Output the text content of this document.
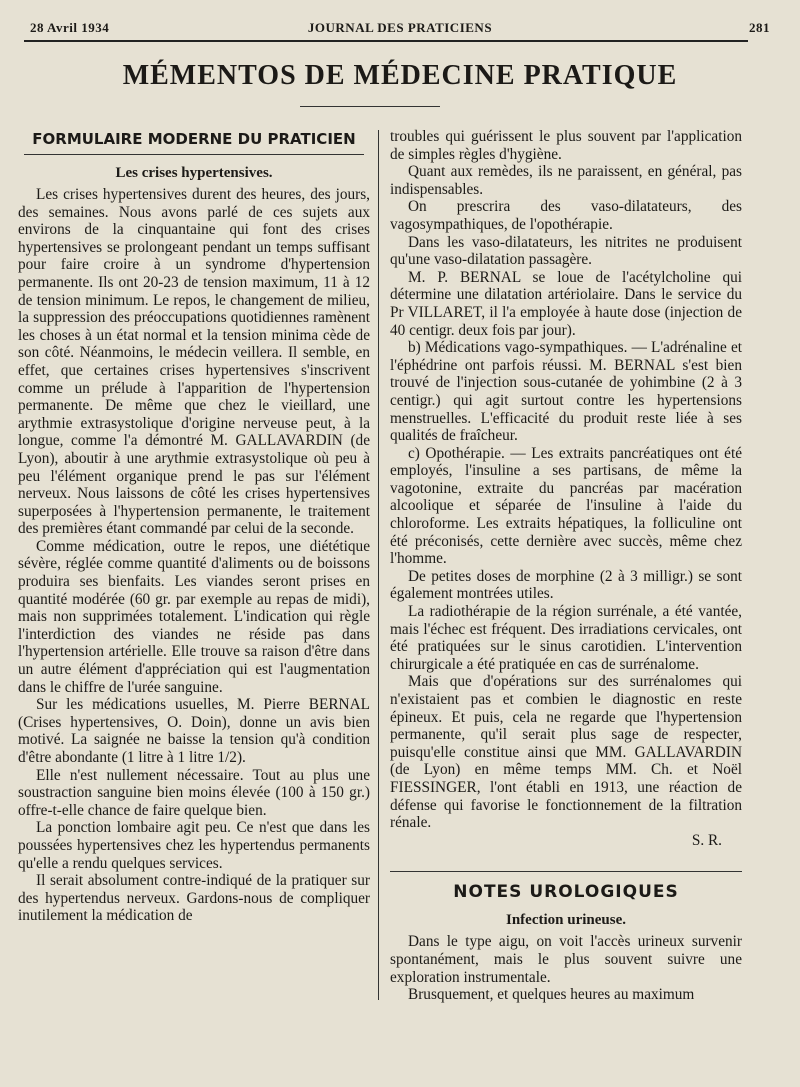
28 Avril 1934	JOURNAL DES PRATICIENS	281
MÉMENTOS DE MÉDECINE PRATIQUE
FORMULAIRE MODERNE DU PRATICIEN
Les crises hypertensives.

Les crises hypertensives durent des heures, des jours, des semaines. Nous avons parlé de ces sujets aux environs de la cinquantaine qui font des crises hypertensives se prolongeant pendant un temps suffisant pour faire croire à un syndrome d'hypertension permanente. Ils ont 20-23 de tension maximum, 11 à 12 de tension minimum. Le repos, le changement de milieu, la suppression des préoccupations quotidiennes ramènent les choses à un état normal et la tension minima cède de son côté. Néanmoins, le médecin veillera. Il semble, en effet, que certaines crises hypertensives s'inscrivent comme un prélude à l'apparition de l'hypertension permanente. De même que chez le vieillard, une arythmie extrasystolique d'origine nerveuse peut, à la longue, comme l'a démontré M. GALLAVARDIN (de Lyon), aboutir à une arythmie extrasystolique où peu à peu l'élément organique prend le pas sur l'élément nerveux. Nous laissons de côté les crises hypertensives superposées à l'hypertension permanente, le traitement des premières étant commandé par celui de la seconde.

Comme médication, outre le repos, une diététique sévère, réglée comme quantité d'aliments ou de boissons produira ses bienfaits. Les viandes seront prises en quantité modérée (60 gr. par exemple au repas de midi), mais non supprimées totalement. L'indication qui règle l'interdiction des viandes ne réside pas dans l'hypertension artérielle. Elle trouve sa raison d'être dans un autre élément d'appréciation qui est l'augmentation dans le chiffre de l'urée sanguine.

Sur les médications usuelles, M. Pierre BERNAL (Crises hypertensives, O. Doin), donne un avis bien motivé. La saignée ne baisse la tension qu'à condition d'être abondante (1 litre à 1 litre 1/2).

Elle n'est nullement nécessaire. Tout au plus une soustraction sanguine bien moins élevée (100 à 150 gr.) offre-t-elle chance de faire quelque bien.

La ponction lombaire agit peu. Ce n'est que dans les poussées hypertensives chez les hypertendus permanents qu'elle a rendu quelques services.

Il serait absolument contre-indiqué de la pratiquer sur des hypertendus nerveux. Gardons-nous de compliquer inutilement la médication de

troubles qui guérissent le plus souvent par l'application de simples règles d'hygiène.

Quant aux remèdes, ils ne paraissent, en général, pas indispensables.

On prescrira des vaso-dilatateurs, des vagosympathiques, de l'opothérapie.

Dans les vaso-dilatateurs, les nitrites ne produisent qu'une vaso-dilatation passagère.

M. P. BERNAL se loue de l'acétylcholine qui détermine une dilatation artériolaire. Dans le service du Pr VILLARET, il l'a employée à haute dose (injection de 40 centigr. deux fois par jour).

b) Médications vago-sympathiques. — L'adrénaline et l'éphédrine ont parfois réussi. M. BERNAL s'est bien trouvé de l'injection sous-cutanée de yohimbine (2 à 3 centigr.) qui agit surtout contre les hypertensions menstruelles. L'efficacité du produit reste liée à ses qualités de fraîcheur.

c) Opothérapie. — Les extraits pancréatiques ont été employés, l'insuline a ses partisans, de même la vagotonine, extraite du pancréas par macération alcoolique et séparée de l'insuline à l'aide du chloroforme. Les extraits hépatiques, la folliculine ont été préconisés, cette dernière avec succès, même chez l'homme.

De petites doses de morphine (2 à 3 milligr.) se sont également montrées utiles.

La radiothérapie de la région surrénale, a été vantée, mais l'échec est fréquent. Des irradiations cervicales, ont été pratiquées sur le sinus carotidien. L'intervention chirurgicale a été pratiquée en cas de surrénalome.

Mais que d'opérations sur des surrénalomes qui n'existaient pas et combien le diagnostic en reste épineux. Et puis, cela ne regarde que l'hypertension permanente, qu'il serait plus sage de respecter, puisqu'elle constitue ainsi que MM. GALLAVARDIN (de Lyon) en même temps MM. Ch. et Noël FIESSINGER, l'ont établi en 1913, une réaction de défense qui favorise le fonctionnement de la filtration rénale.

S. R.

NOTES UROLOGIQUES
Infection urineuse.

Dans le type aigu, on voit l'accès urineux survenir spontanément, mais le plus souvent suivre une exploration instrumentale.

Brusquement, et quelques heures au maximum
